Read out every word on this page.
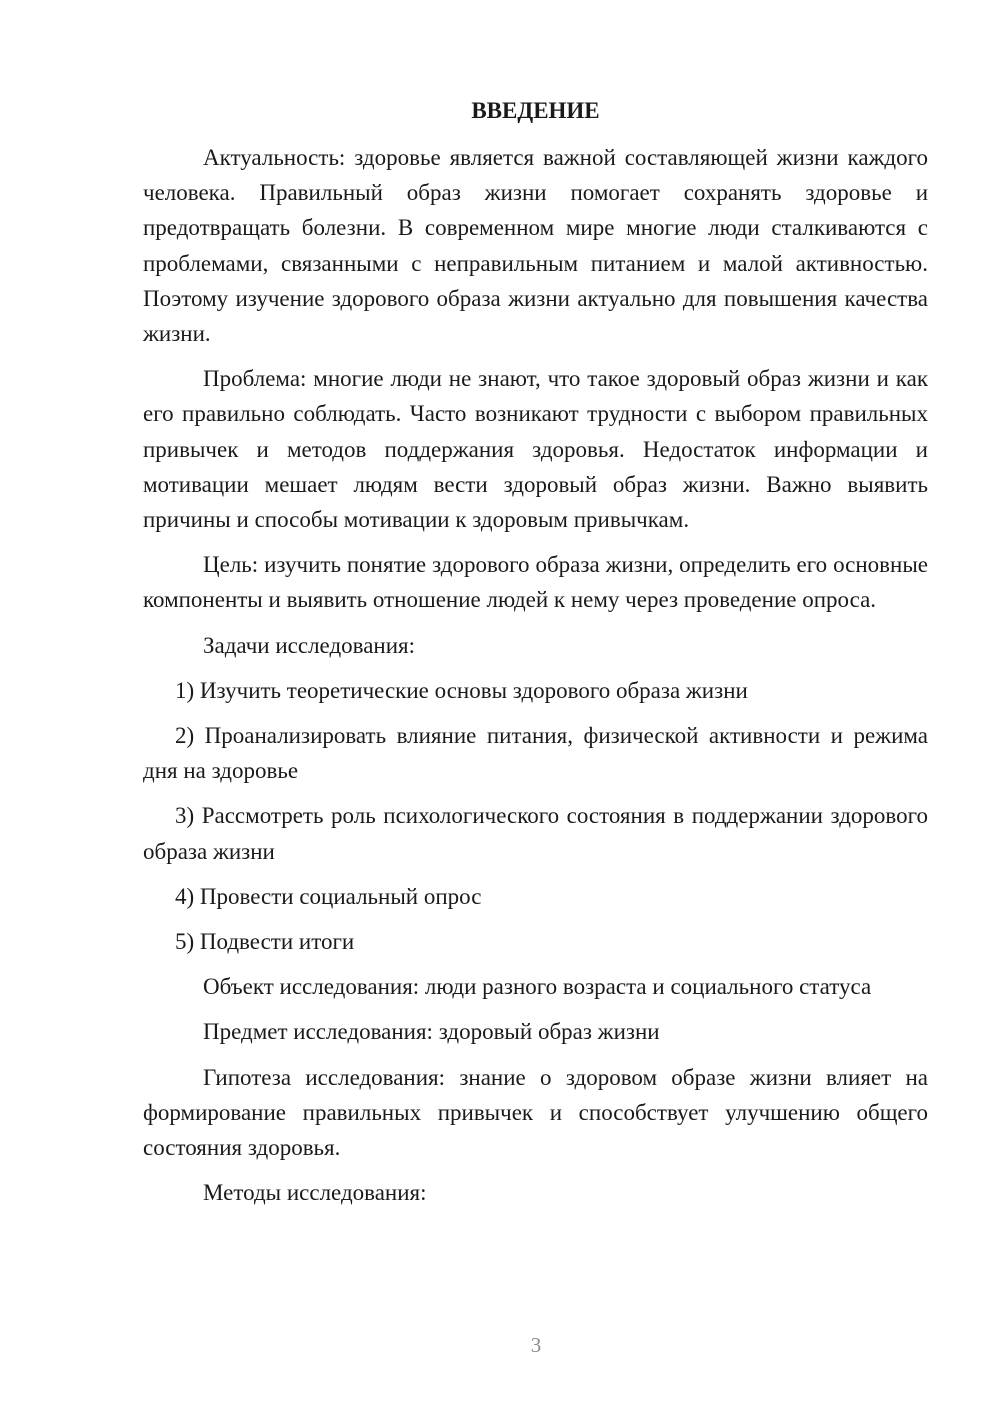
ВВЕДЕНИЕ

Актуальность: здоровье является важной составляющей жизни каждого человека. Правильный образ жизни помогает сохранять здоровье и предотвращать болезни. В современном мире многие люди сталкиваются с проблемами, связанными с неправильным питанием и малой активностью. Поэтому изучение здорового образа жизни актуально для повышения качества жизни.

Проблема: многие люди не знают, что такое здоровый образ жизни и как его правильно соблюдать. Часто возникают трудности с выбором правильных привычек и методов поддержания здоровья. Недостаток информации и мотивации мешает людям вести здоровый образ жизни. Важно выявить причины и способы мотивации к здоровым привычкам.

Цель: изучить понятие здорового образа жизни, определить его основные компоненты и выявить отношение людей к нему через проведение опроса.

Задачи исследования:

1) Изучить теоретические основы здорового образа жизни

2) Проанализировать влияние питания, физической активности и режима дня на здоровье

3) Рассмотреть роль психологического состояния в поддержании здорового образа жизни

4) Провести социальный опрос

5) Подвести итоги

Объект исследования: люди разного возраста и социального статуса

Предмет исследования: здоровый образ жизни

Гипотеза исследования: знание о здоровом образе жизни влияет на формирование правильных привычек и способствует улучшению общего состояния здоровья.

Методы исследования:

3
